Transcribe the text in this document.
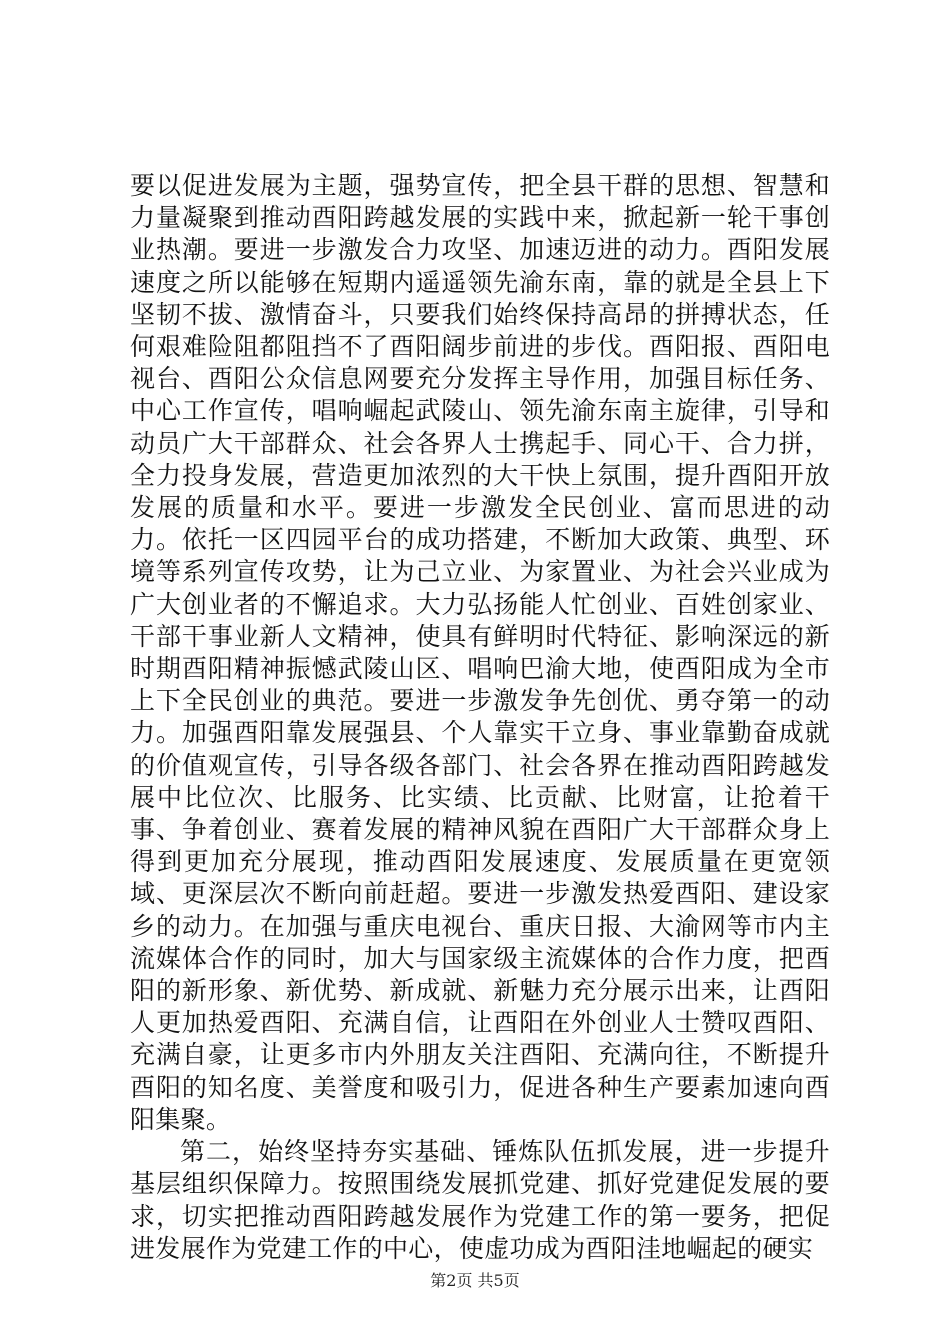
要以促进发展为主题，强势宣传，把全县干群的思想、智慧和力量凝聚到推动酉阳跨越发展的实践中来，掀起新一轮干事创业热潮。要进一步激发合力攻坚、加速迈进的动力。酉阳发展速度之所以能够在短期内遥遥领先渝东南，靠的就是全县上下坚韧不拔、激情奋斗，只要我们始终保持高昂的拼搏状态，任何艰难险阻都阻挡不了酉阳阔步前进的步伐。酉阳报、酉阳电视台、酉阳公众信息网要充分发挥主导作用，加强目标任务、中心工作宣传，唱响崛起武陵山、领先渝东南主旋律，引导和动员广大干部群众、社会各界人士携起手、同心干、合力拼，全力投身发展，营造更加浓烈的大干快上氛围，提升酉阳开放发展的质量和水平。要进一步激发全民创业、富而思进的动力。依托一区四园平台的成功搭建，不断加大政策、典型、环境等系列宣传攻势，让为己立业、为家置业、为社会兴业成为广大创业者的不懈追求。大力弘扬能人忙创业、百姓创家业、干部干事业新人文精神，使具有鲜明时代特征、影响深远的新时期酉阳精神振憾武陵山区、唱响巴渝大地，使酉阳成为全市上下全民创业的典范。要进一步激发争先创优、勇夺第一的动力。加强酉阳靠发展强县、个人靠实干立身、事业靠勤奋成就的价值观宣传，引导各级各部门、社会各界在推动酉阳跨越发展中比位次、比服务、比实绩、比贡献、比财富，让抢着干事、争着创业、赛着发展的精神风貌在酉阳广大干部群众身上得到更加充分展现，推动酉阳发展速度、发展质量在更宽领域、更深层次不断向前赶超。要进一步激发热爱酉阳、建设家乡的动力。在加强与重庆电视台、重庆日报、大渝网等市内主流媒体合作的同时，加大与国家级主流媒体的合作力度，把酉阳的新形象、新优势、新成就、新魅力充分展示出来，让酉阳人更加热爱酉阳、充满自信，让酉阳在外创业人士赞叹酉阳、充满自豪，让更多市内外朋友关注酉阳、充满向往，不断提升酉阳的知名度、美誉度和吸引力，促进各种生产要素加速向酉阳集聚。

第二，始终坚持夯实基础、锤炼队伍抓发展，进一步提升基层组织保障力。按照围绕发展抓党建、抓好党建促发展的要求，切实把推动酉阳跨越发展作为党建工作的第一要务，把促进发展作为党建工作的中心，使虚功成为酉阳洼地崛起的硬实

第2页 共5页
